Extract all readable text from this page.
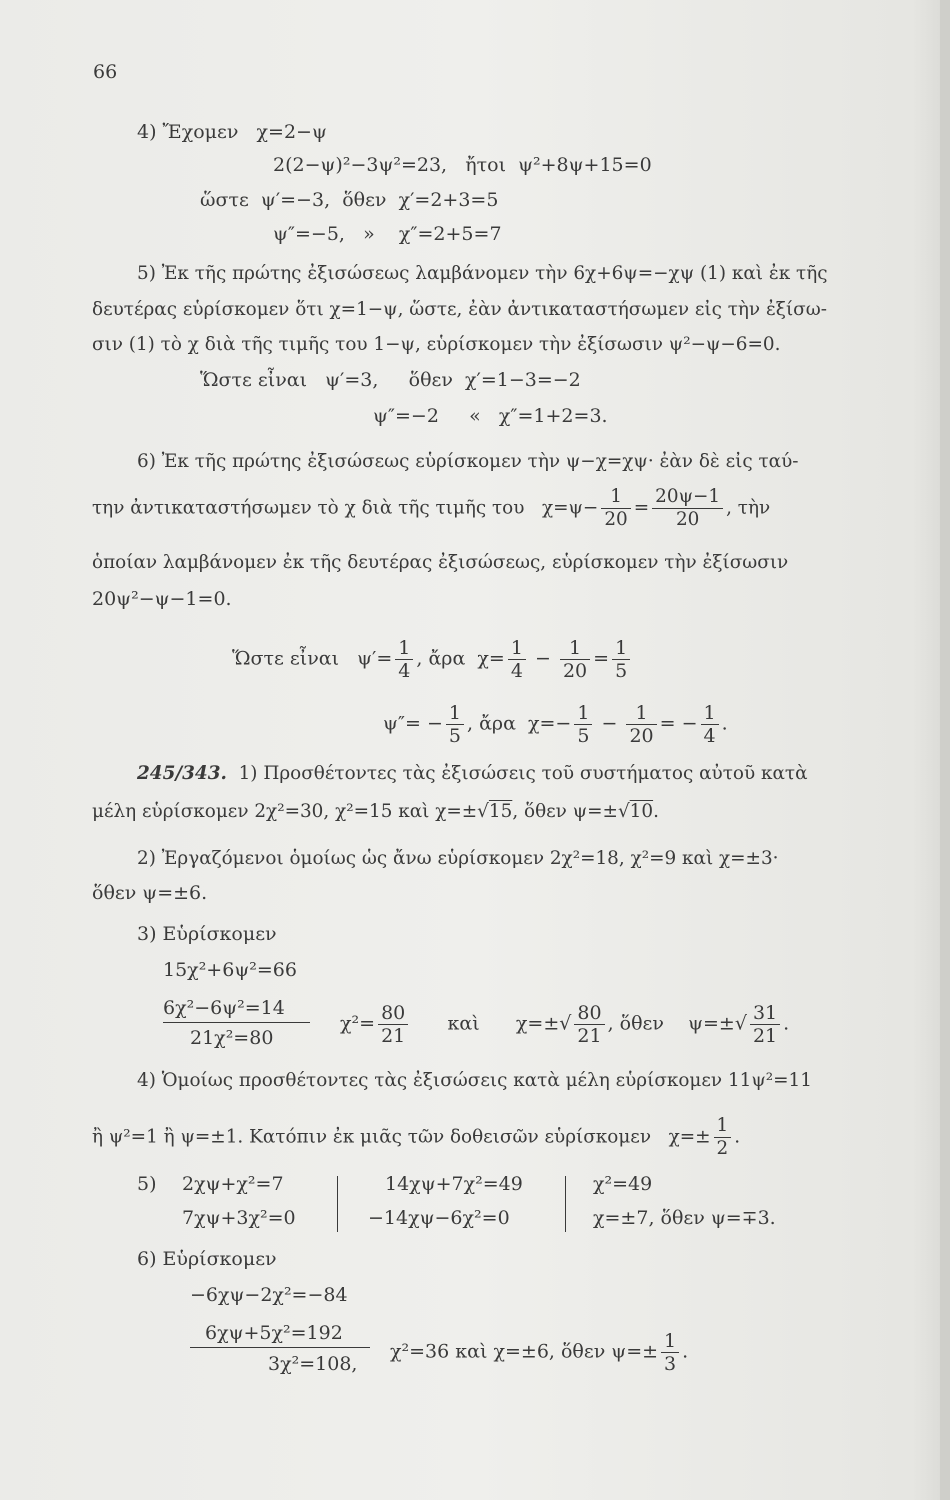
66
4) Ἔχομεν χ=2−ψ
2(2−ψ)²−3ψ²=23, ἤτοι ψ²+8ψ+15=0
ὥστε ψ′=−3, ὅθεν χ′=2+3=5
ψ″=−5, » χ″=2+5=7
5) Ἐκ τῆς πρώτης ἐξισώσεως λαμβάνομεν τὴν 6χ+6ψ=−χψ (1) καὶ ἐκ τῆς
δευτέρας εὑρίσκομεν ὅτι χ=1−ψ, ὥστε, ἐὰν ἀντικαταστήσωμεν εἰς τὴν ἐξίσω-
σιν (1) τὸ χ διὰ τῆς τιμῆς του 1−ψ, εὑρίσκομεν τὴν ἐξίσωσιν ψ²−ψ−6=0.
Ὥστε εἶναι ψ′=3, ὅθεν χ′=1−3=−2
ψ″=−2 « χ″=1+2=3.
6) Ἐκ τῆς πρώτης ἐξισώσεως εὑρίσκομεν τὴν ψ−χ=χψ· ἐὰν δὲ εἰς ταύ-
την ἀντικαταστήσωμεν τὸ χ διὰ τῆς τιμῆς του $\chi=\psi- \frac{1}{20} = \frac{20\psi-1}{20}$ , τὴν
ὁποίαν λαμβάνομεν ἐκ τῆς δευτέρας ἐξισώσεως, εὑρίσκομεν τὴν ἐξίσωσιν
20ψ²−ψ−1=0.
Ὥστε εἶναι $\psi'= \frac{1}{4}$ , ἄρα $\chi= \frac{1}{4} - \frac{1}{20} = \frac{1}{5}$
$\psi''= - \frac{1}{5}$ , ἄρα $\chi=- \frac{1}{5} - \frac{1}{20}$ = − $\frac{1}{4}$ .
245/343. 1) Προσθέτοντες τὰς ἐξισώσεις τοῦ συστήματος αὐτοῦ κατὰ
μέλη εὑρίσκομεν 2χ²=30, χ²=15 καὶ χ=±√15, ὅθεν ψ=±√10.
2) Ἐργαζόμενοι ὁμοίως ὡς ἄνω εὑρίσκομεν 2χ²=18, χ²=9 καὶ χ=±3·
ὅθεν ψ=±6.
3) Εὑρίσκομεν
15χ²+6ψ²=66
6χ²−6ψ²=14
21χ²=80
$\chi^2= \frac{80}{21}$ καὶ $\chi=\pm√ \frac{80}{21}$ , ὅθεν $\psi=\pm√ \frac{31}{21}$ .
4) Ὁμοίως προσθέτοντες τὰς ἐξισώσεις κατὰ μέλη εὑρίσκομεν 11ψ²=11
ἢ ψ²=1 ἢ ψ=±1. Κατόπιν ἐκ μιᾶς τῶν δοθεισῶν εὑρίσκομεν $\chi=\pm \frac{1}{2}$ .
5) 2χψ+χ²=7
7χψ+3χ²=0
14χψ+7χ²=49
−14χψ−6χ²=0
χ²=49
χ=±7, ὅθεν ψ=∓3.
6) Εὑρίσκομεν
−6χψ−2χ²=−84
6χψ+5χ²=192
3χ²=108,
χ²=36 καὶ χ=±6, ὅθεν $\psi=\pm \frac{1}{3}$ .
